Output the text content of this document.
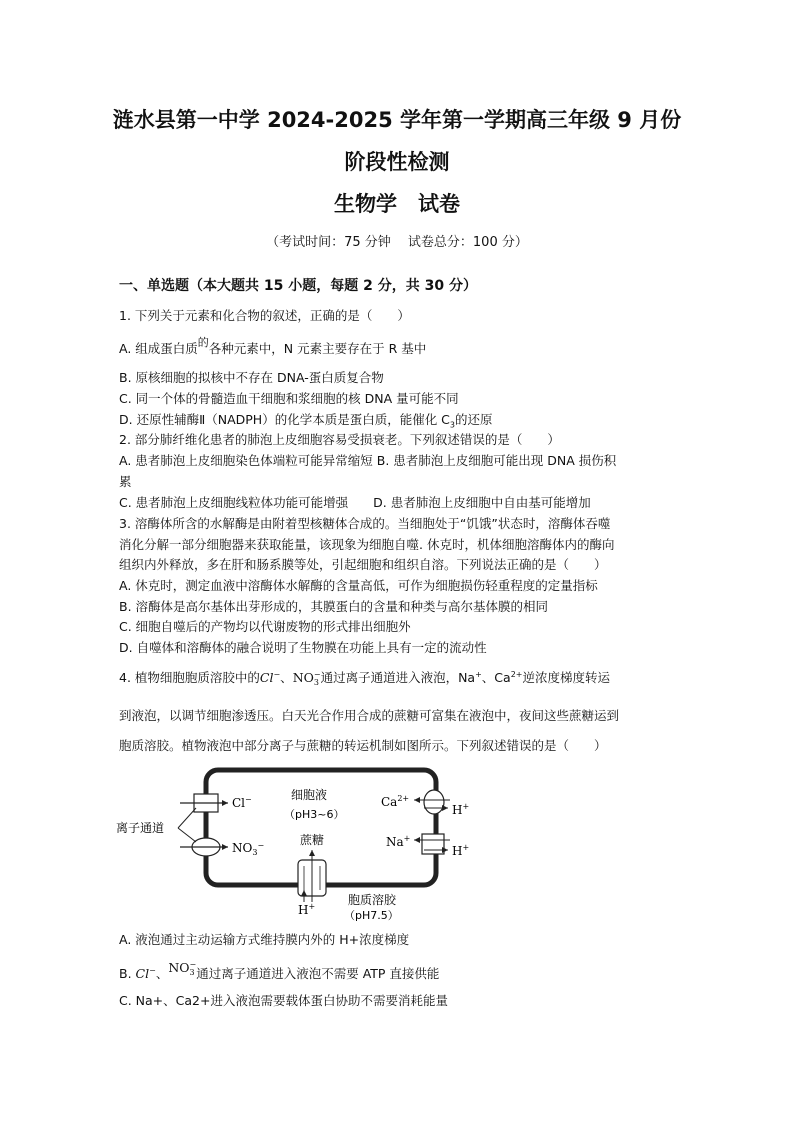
涟水县第一中学 2024-2025 学年第一学期高三年级 9 月份
阶段性检测
生物学　试卷
（考试时间：75 分钟　 试卷总分：100 分）
一、单选题（本大题共 15 小题，每题 2 分，共 30 分）
1. 下列关于元素和化合物的叙述，正确的是（　　）
A. 组成蛋白质的各种元素中，N 元素主要存在于 R 基中
B. 原核细胞的拟核中不存在 DNA-蛋白质复合物
C. 同一个体的骨髓造血干细胞和浆细胞的核 DNA 量可能不同
D. 还原性辅酶Ⅱ（NADPH）的化学本质是蛋白质，能催化 $C_3$的还原
2. 部分肺纤维化患者的肺泡上皮细胞容易受损衰老。下列叙述错误的是（　　）
A. 患者肺泡上皮细胞染色体端粒可能异常缩短 B. 患者肺泡上皮细胞可能出现 DNA 损伤积
累
C. 患者肺泡上皮细胞线粒体功能可能增强　　D. 患者肺泡上皮细胞中自由基可能增加
3. 溶酶体所含的水解酶是由附着型核糖体合成的。当细胞处于“饥饿”状态时，溶酶体吞噬
消化分解一部分细胞器来获取能量，该现象为细胞自噬. 休克时，机体细胞溶酶体内的酶向
组织内外释放，多在肝和肠系膜等处，引起细胞和组织自溶。下列说法正确的是（　　）
A. 休克时，测定血液中溶酶体水解酶的含量高低，可作为细胞损伤轻重程度的定量指标
B. 溶酶体是高尔基体出芽形成的，其膜蛋白的含量和种类与高尔基体膜的相同
C. 细胞自噬后的产物均以代谢废物的形式排出细胞外
D. 自噬体和溶酶体的融合说明了生物膜在功能上具有一定的流动性
4. 植物细胞胞质溶胶中的Cl−、NO −
3 通过离子通道进入液泡，Na+、$Ca^{2+}$逆浓度梯度转运
到液泡，以调节细胞渗透压。白天光合作用合成的蔗糖可富集在液泡中，夜间这些蔗糖运到
胞质溶胶。植物液泡中部分离子与蔗糖的转运机制如图所示。下列叙述错误的是（　　）
离子通道
Cl−
$NO_3^-$
细胞液
（pH3~6）
蔗糖
$Ca^{2+}$
H+
Na+
H+
H+	胞质溶胶
（pH7.5）
A. 液泡通过主动运输方式维持膜内外的 H+浓度梯度
B. Cl−、NO −
3 通过离子通道进入液泡不需要 ATP 直接供能
C. Na+、Ca2+进入液泡需要载体蛋白协助不需要消耗能量
